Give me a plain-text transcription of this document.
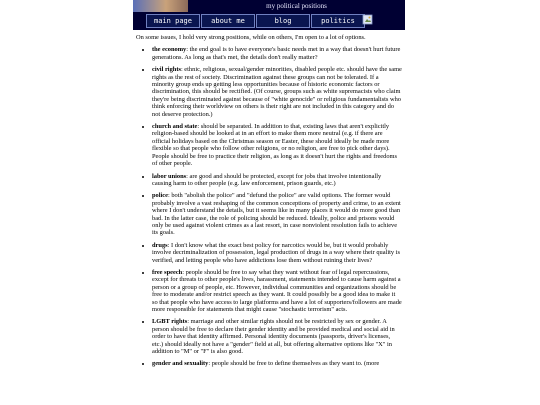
my political positions
main page	about me	blog	politics

On some issues, I hold very strong positions, while on others, I'm open to a lot of options.

• the economy: the end goal is to have everyone's basic needs met in a way that doesn't hurt future generations. As long as that's met, the details don't really matter?
• civil rights: ethnic, religious, sexual/gender minorities, disabled people etc. should have the same rights as the rest of society. Discrimination against these groups can not be tolerated. If a minority group ends up getting less opportunities because of historic economic factors or discrimination, this should be rectified. (Of course, groups such as white supremacists who claim they're being discriminated against because of "white genocide" or religious fundamentalists who think enforcing their worldview on others is their right are not included in this category and do not deserve protection.)
• church and state: should be separated. In addition to that, existing laws that aren't explicitly religion-based should be looked at in an effort to make them more neutral (e.g. if there are official holidays based on the Christmas season or Easter, these should ideally be made more flexible so that people who follow other religions, or no religion, are free to pick other days). People should be free to practice their religion, as long as it doesn't hurt the rights and freedoms of other people.
• labor unions: are good and should be protected, except for jobs that involve intentionally causing harm to other people (e.g. law enforcement, prison guards, etc.)
• police: both "abolish the police" and "defund the police" are valid options. The former would probably involve a vast reshaping of the common conceptions of property and crime, to an extent where I don't understand the details, but it seems like in many places it would do more good than bad. In the latter case, the role of policing should be reduced. Ideally, police and prisons would only be used against violent crimes as a last resort, in case nonviolent resolution fails to achieve its goals.
• drugs: I don't know what the exact best policy for narcotics would be, but it would probably involve decriminalization of possession, legal production of drugs in a way where their quality is verified, and letting people who have addictions lose them without ruining their lives?
• free speech: people should be free to say what they want without fear of legal repercussions, except for threats to other people's lives, harassment, statements intended to cause harm against a person or a group of people, etc. However, individual communities and organizations should be free to moderate and/or restrict speech as they want. It could possibly be a good idea to make it so that people who have access to large platforms and have a lot of supporters/followers are made more responsible for statements that might cause "stochastic terrorism" acts.
• LGBT rights: marriage and other similar rights should not be restricted by sex or gender. A person should be free to declare their gender identity and be provided medical and social aid in order to have that identity affirmed. Personal identity documents (passports, driver's licenses, etc.) should ideally not have a "gender" field at all, but offering alternative options like "X" in addition to "M" or "F" is also good.
• gender and sexuality: people should be free to define themselves as they want to. (more
